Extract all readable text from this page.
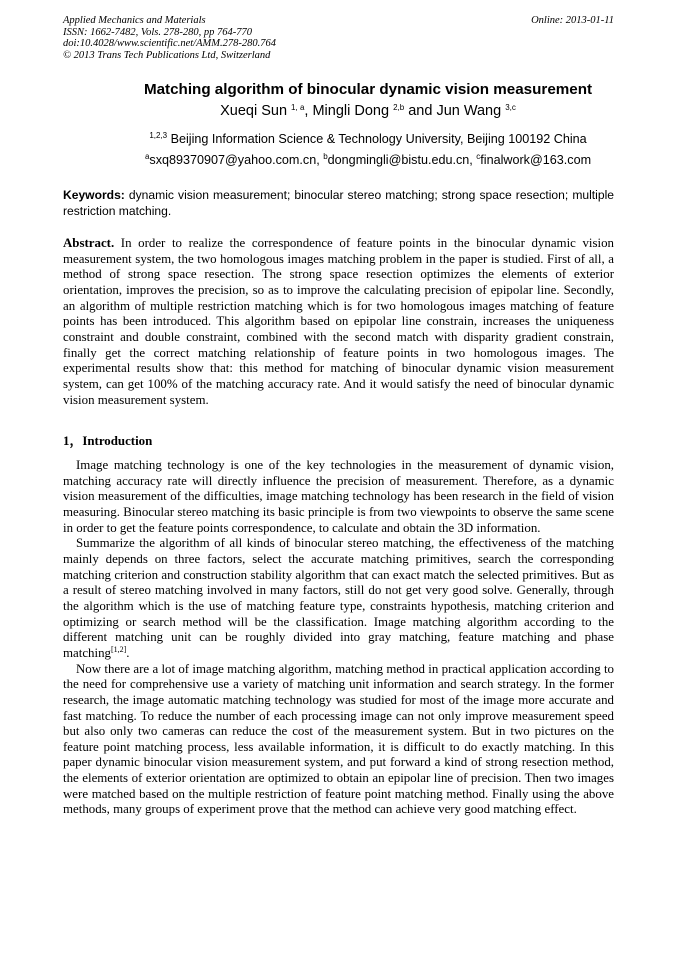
Applied Mechanics and Materials
ISSN: 1662-7482, Vols. 278-280, pp 764-770
doi:10.4028/www.scientific.net/AMM.278-280.764
© 2013 Trans Tech Publications Ltd, Switzerland
Online: 2013-01-11
Matching algorithm of binocular dynamic vision measurement
Xueqi Sun $^{1, a}$, Mingli Dong $^{2,b}$ and Jun Wang $^{3,c}$
$^{1,2,3}$ Beijing Information Science & Technology University, Beijing 100192 China
$^a$sxq89370907@yahoo.com.cn, $^b$dongmingli@bistu.edu.cn, $^c$finalwork@163.com
Keywords: dynamic vision measurement; binocular stereo matching; strong space resection; multiple restriction matching.
Abstract. In order to realize the correspondence of feature points in the binocular dynamic vision measurement system, the two homologous images matching problem in the paper is studied. First of all, a method of strong space resection. The strong space resection optimizes the elements of exterior orientation, improves the precision, so as to improve the calculating precision of epipolar line. Secondly, an algorithm of multiple restriction matching which is for two homologous images matching of feature points has been introduced. This algorithm based on epipolar line constrain, increases the uniqueness constraint and double constraint, combined with the second match with disparity gradient constrain, finally get the correct matching relationship of feature points in two homologous images. The experimental results show that: this method for matching of binocular dynamic vision measurement system, can get 100% of the matching accuracy rate. And it would satisfy the need of binocular dynamic vision measurement system.
1，Introduction

Image matching technology is one of the key technologies in the measurement of dynamic vision, matching accuracy rate will directly influence the precision of measurement. Therefore, as a dynamic vision measurement of the difficulties, image matching technology has been research in the field of vision measuring. Binocular stereo matching its basic principle is from two viewpoints to observe the same scene in order to get the feature points correspondence, to calculate and obtain the 3D information.

Summarize the algorithm of all kinds of binocular stereo matching, the effectiveness of the matching mainly depends on three factors, select the accurate matching primitives, search the corresponding matching criterion and construction stability algorithm that can exact match the selected primitives. But as a result of stereo matching involved in many factors, still do not get very good solve. Generally, through the algorithm which is the use of matching feature type, constraints hypothesis, matching criterion and optimizing or search method will be the classification. Image matching algorithm according to the different matching unit can be roughly divided into gray matching, feature matching and phase matching[1,2].

Now there are a lot of image matching algorithm, matching method in practical application according to the need for comprehensive use a variety of matching unit information and search strategy. In the former research, the image automatic matching technology was studied for most of the image more accurate and fast matching. To reduce the number of each processing image can not only improve measurement speed but also only two cameras can reduce the cost of the measurement system. But in two pictures on the feature point matching process, less available information, it is difficult to do exactly matching. In this paper dynamic binocular vision measurement system, and put forward a kind of strong resection method, the elements of exterior orientation are optimized to obtain an epipolar line of precision. Then two images were matched based on the multiple restriction of feature point matching method. Finally using the above methods, many groups of experiment prove that the method can achieve very good matching effect.
